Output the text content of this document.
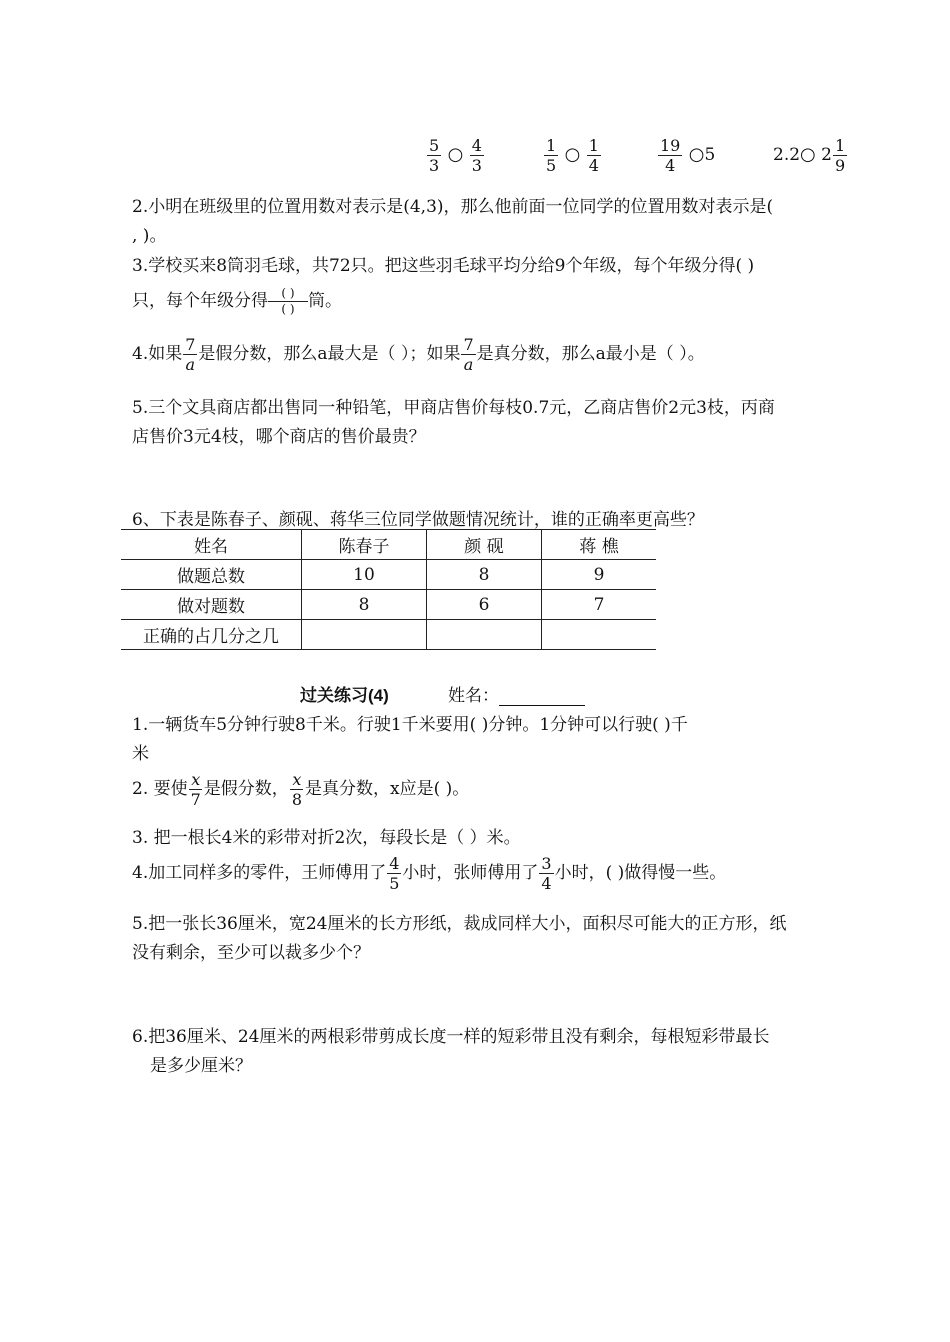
$\frac{5}{3}$ ○ $\frac{4}{3}$	$\frac{1}{5}$ ○ $\frac{1}{4}$	$\frac{19}{4}$ ○5	2.2○ $2 \frac{1}{9}$
2.小明在班级里的位置用数对表示是(4,3)，那么他前面一位同学的位置用数对表示是(
, )。
3.学校买来8筒羽毛球，共72只。把这些羽毛球平均分给9个年级，每个年级分得( )
只，每个年级分得 $\frac{( )}{( )}$ 筒。
4.如果 $\frac{7}{a}$ 是假分数，那么a最大是（ ）；如果 $\frac{7}{a}$ 是真分数，那么a最小是（ ）。
5.三个文具商店都出售同一种铅笔，甲商店售价每枝0.7元，乙商店售价2元3枝，丙商
店售价3元4枝，哪个商店的售价最贵？
6、下表是陈春子、颜砚、蒋华三位同学做题情况统计，谁的正确率更高些？
姓名	陈春子	颜 砚	蒋 樵
做题总数	10	8	9
做对题数	8	6	7
正确的占几分之几			
过关练习(4)	姓名：
1.一辆货车5分钟行驶8千米。行驶1千米要用( )分钟。1分钟可以行驶( )千
米
2. 要使 $\frac{x}{7}$ 是假分数， $\frac{x}{8}$ 是真分数，x应是( )。
3. 把一根长4米的彩带对折2次，每段长是（ ）米。
4.加工同样多的零件，王师傅用了 $\frac{4}{5}$ 小时，张师傅用了 $\frac{3}{4}$ 小时，( )做得慢一些。
5.把一张长36厘米，宽24厘米的长方形纸，裁成同样大小，面积尽可能大的正方形，纸
没有剩余，至少可以裁多少个？
6.把36厘米、24厘米的两根彩带剪成长度一样的短彩带且没有剩余，每根短彩带最长
是多少厘米？
